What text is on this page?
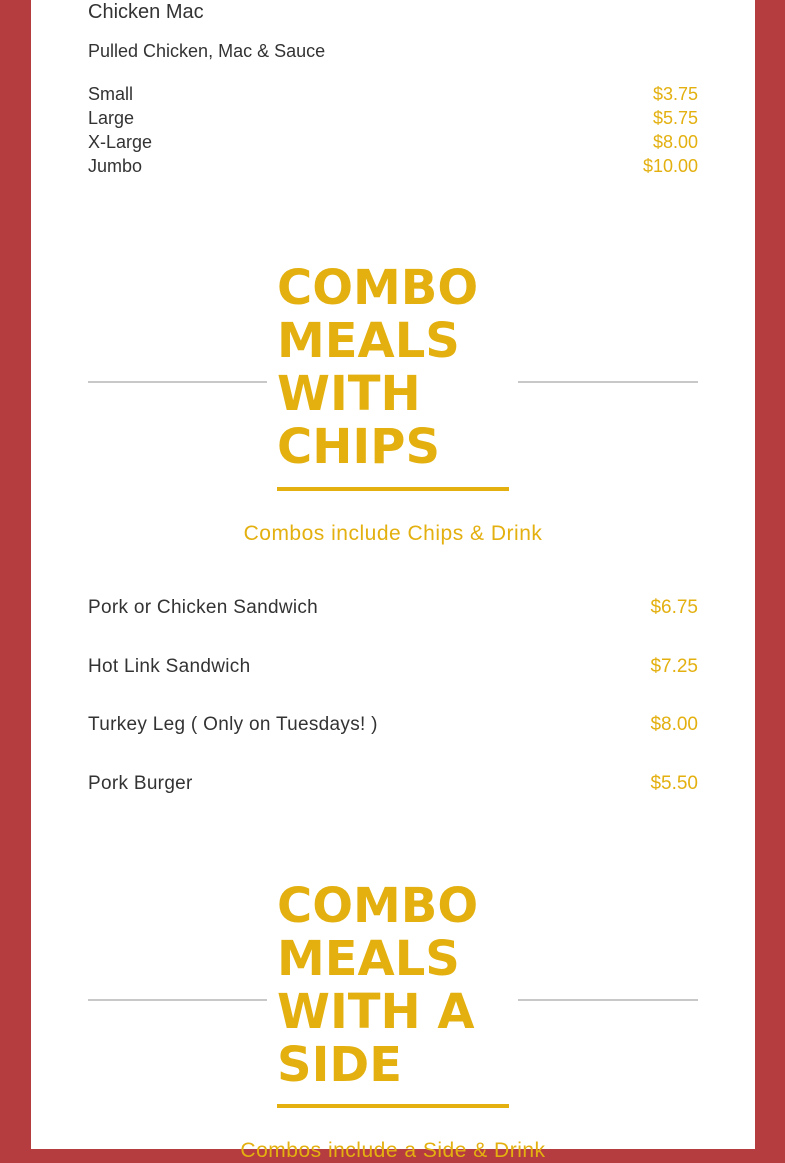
Chicken Mac
Pulled Chicken, Mac & Sauce
Small	$3.75
Large	$5.75
X-Large	$8.00
Jumbo	$10.00
COMBO
MEALS
WITH
CHIPS
Combos include Chips & Drink
Pork or Chicken Sandwich	$6.75
Hot Link Sandwich	$7.25
Turkey Leg ( Only on Tuesdays! )	$8.00
Pork Burger	$5.50
COMBO
MEALS
WITH A
SIDE
Combos include a Side & Drink
